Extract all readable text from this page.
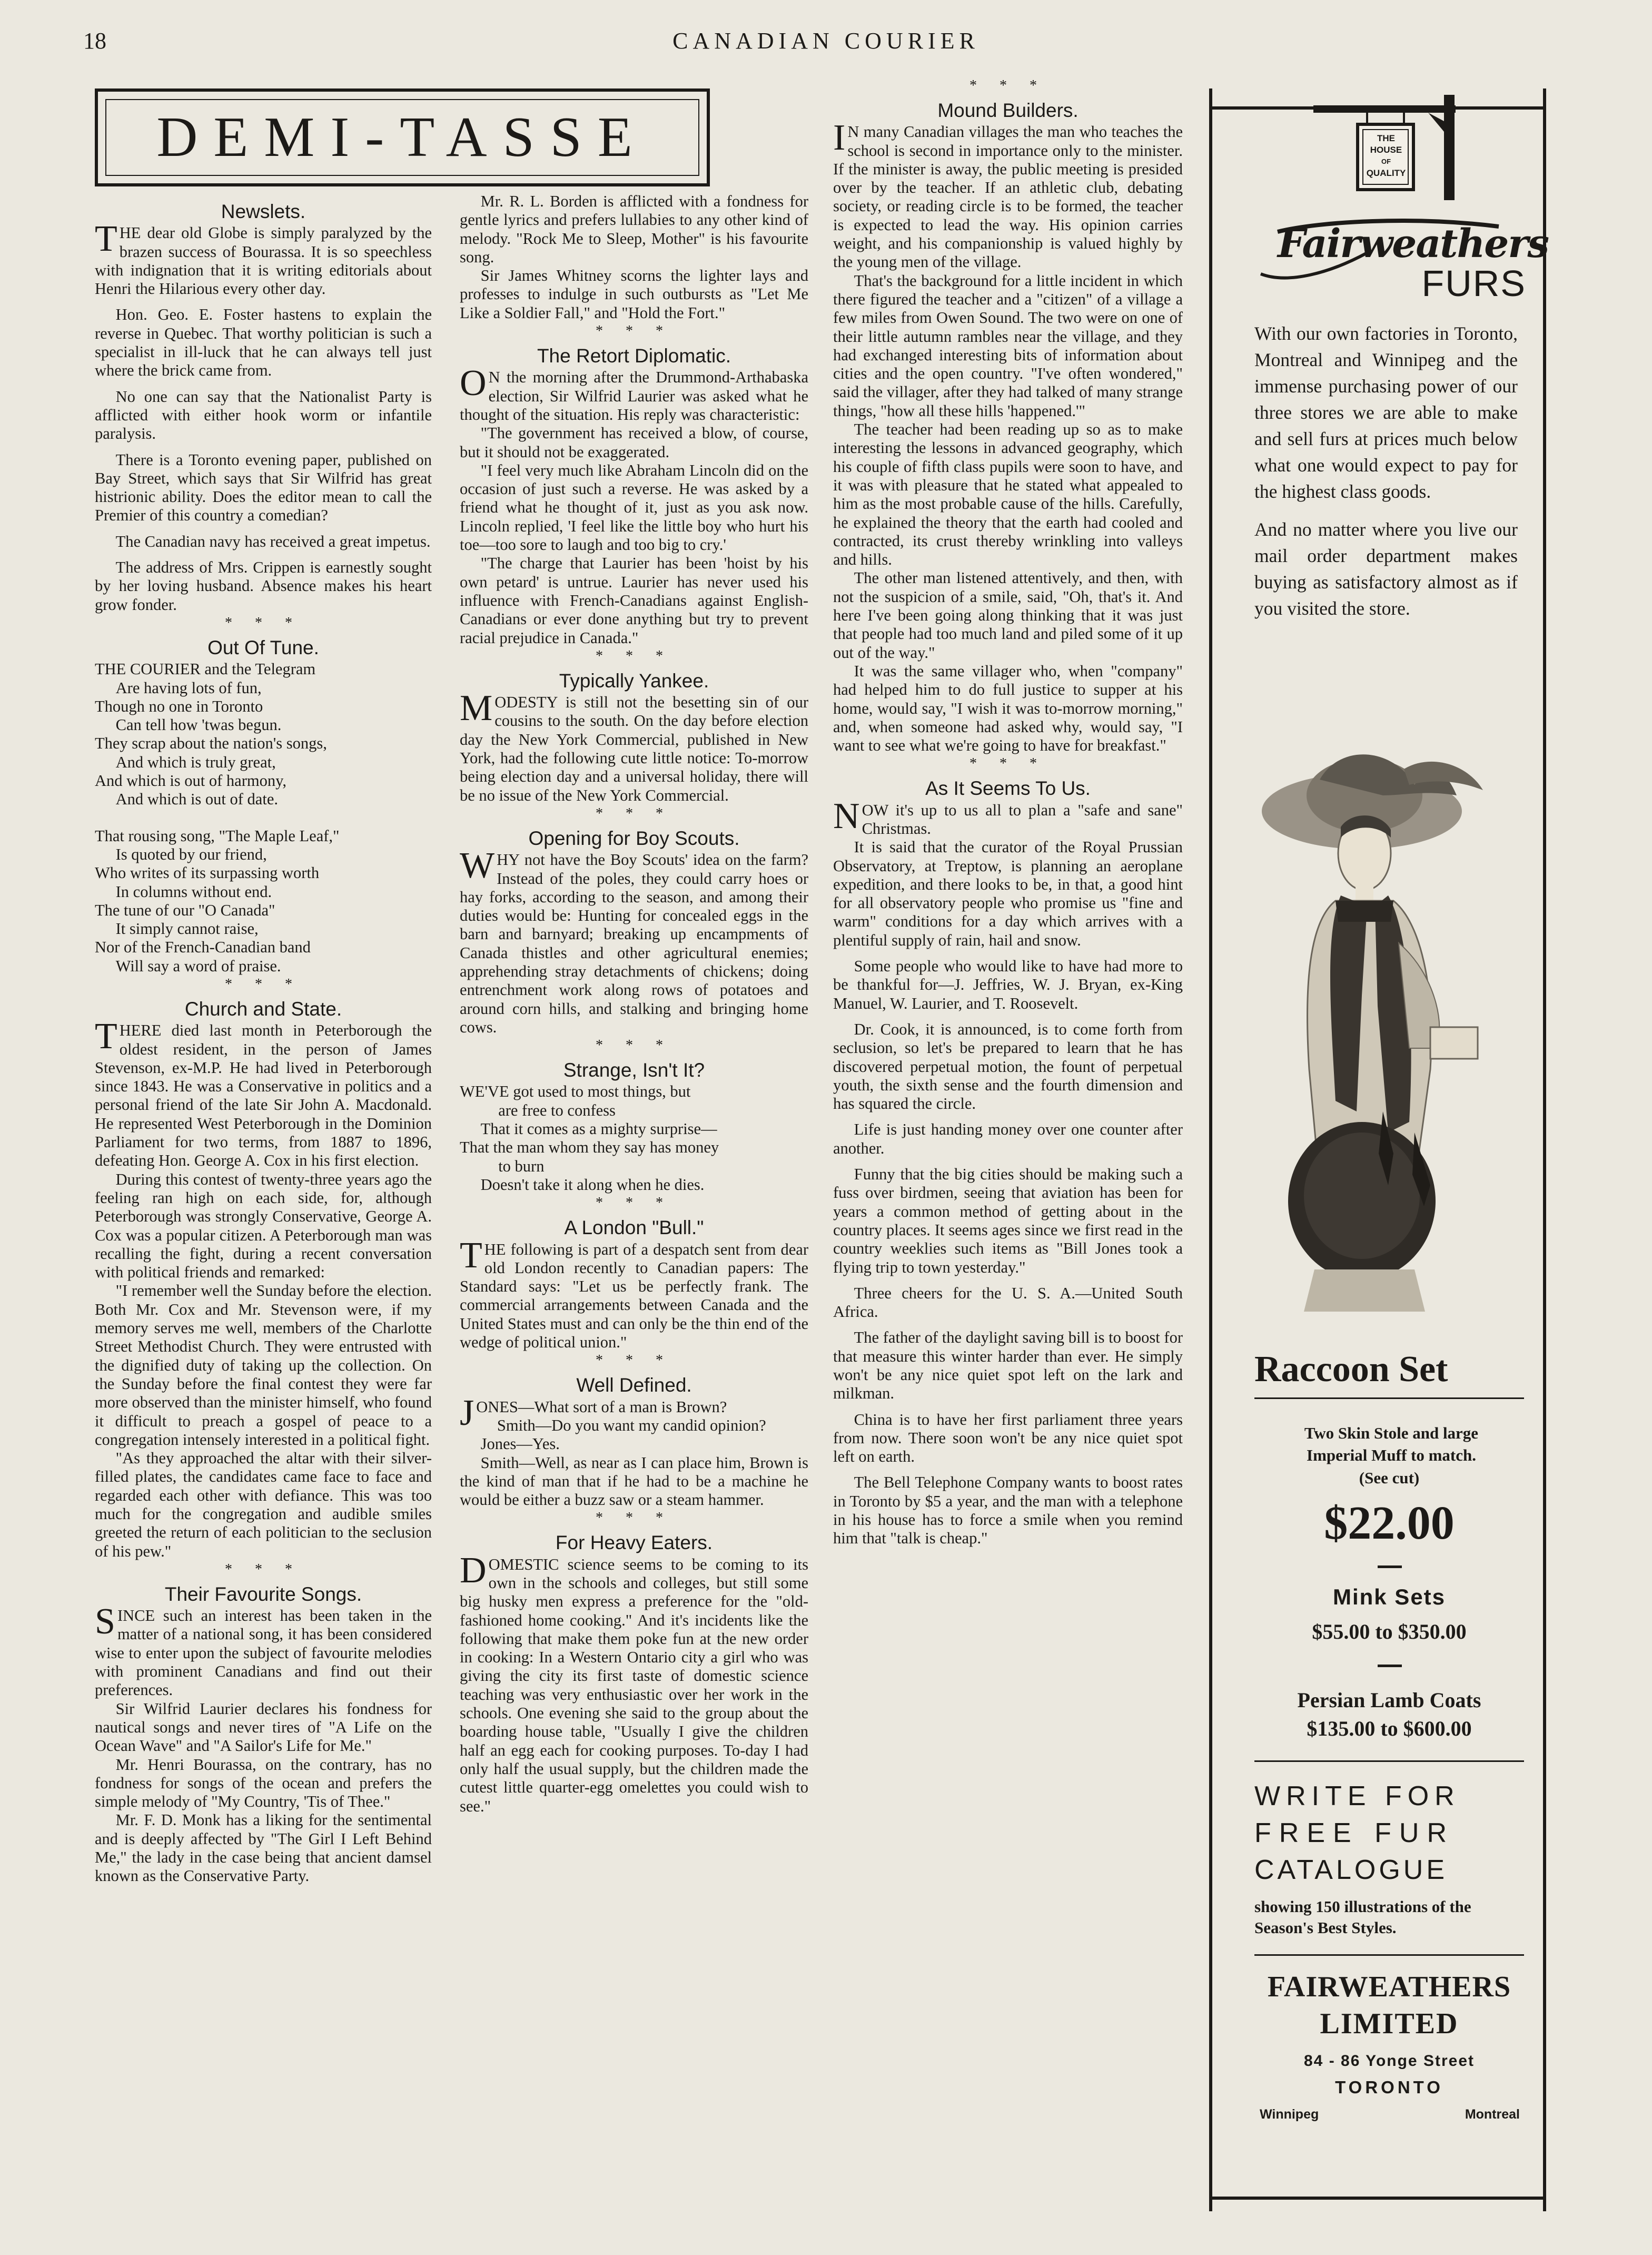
18	CANADIAN COURIER
DEMI-TASSE

Newslets.

THE dear old Globe is simply paralyzed by the brazen success of Bourassa. It is so speechless with indignation that it is writing editorials about Henri the Hilarious every other day.

Hon. Geo. E. Foster hastens to explain the reverse in Quebec. That worthy politician is such a specialist in ill-luck that he can always tell just where the brick came from.

No one can say that the Nationalist Party is afflicted with either hook worm or infantile paralysis.

There is a Toronto evening paper, published on Bay Street, which says that Sir Wilfrid has great histrionic ability. Does the editor mean to call the Premier of this country a comedian?

The Canadian navy has received a great impetus.

The address of Mrs. Crippen is earnestly sought by her loving husband. Absence makes his heart grow fonder.

* * *

Out Of Tune.

THE COURIER and the Telegram
Are having lots of fun,
Though no one in Toronto
Can tell how 'twas begun.
They scrap about the nation's songs,
And which is truly great,
And which is out of harmony,
And which is out of date.
That rousing song, "The Maple Leaf,"
Is quoted by our friend,
Who writes of its surpassing worth
In columns without end.
The tune of our "O Canada"
It simply cannot raise,
Nor of the French-Canadian band
Will say a word of praise.

* * *

Church and State.

THERE died last month in Peterborough the oldest resident, in the person of James Stevenson, ex-M.P. He had lived in Peterborough since 1843. He was a Conservative in politics and a personal friend of the late Sir John A. Macdonald. He represented West Peterborough in the Dominion Parliament for two terms, from 1887 to 1896, defeating Hon. George A. Cox in his first election.

During this contest of twenty-three years ago the feeling ran high on each side, for, although Peterborough was strongly Conservative, George A. Cox was a popular citizen. A Peterborough man was recalling the fight, during a recent conversation with political friends and remarked:

"I remember well the Sunday before the election. Both Mr. Cox and Mr. Stevenson were, if my memory serves me well, members of the Charlotte Street Methodist Church. They were entrusted with the dignified duty of taking up the collection. On the Sunday before the final contest they were far more observed than the minister himself, who found it difficult to preach a gospel of peace to a congregation intensely interested in a political fight.

"As they approached the altar with their silver-filled plates, the candidates came face to face and regarded each other with defiance. This was too much for the congregation and audible smiles greeted the return of each politician to the seclusion of his pew."

* * *

Their Favourite Songs.

SINCE such an interest has been taken in the matter of a national song, it has been considered wise to enter upon the subject of favourite melodies with prominent Canadians and find out their preferences.

Sir Wilfrid Laurier declares his fondness for nautical songs and never tires of "A Life on the Ocean Wave" and "A Sailor's Life for Me."

Mr. Henri Bourassa, on the contrary, has no fondness for songs of the ocean and prefers the simple melody of "My Country, 'Tis of Thee."

Mr. F. D. Monk has a liking for the sentimental and is deeply affected by "The Girl I Left Behind Me," the lady in the case being that ancient damsel known as the Conservative Party.

Mr. R. L. Borden is afflicted with a fondness for gentle lyrics and prefers lullabies to any other kind of melody. "Rock Me to Sleep, Mother" is his favourite song.

Sir James Whitney scorns the lighter lays and professes to indulge in such outbursts as "Let Me Like a Soldier Fall," and "Hold the Fort."

* * *

The Retort Diplomatic.

ON the morning after the Drummond-Arthabaska election, Sir Wilfrid Laurier was asked what he thought of the situation. His reply was characteristic:

"The government has received a blow, of course, but it should not be exaggerated.

"I feel very much like Abraham Lincoln did on the occasion of just such a reverse. He was asked by a friend what he thought of it, just as you ask now. Lincoln replied, 'I feel like the little boy who hurt his toe—too sore to laugh and too big to cry.'

"The charge that Laurier has been 'hoist by his own petard' is untrue. Laurier has never used his influence with French-Canadians against English-Canadians or ever done anything but try to prevent racial prejudice in Canada."

* * *

Typically Yankee.

MODESTY is still not the besetting sin of our cousins to the south. On the day before election day the New York Commercial, published in New York, had the following cute little notice: To-morrow being election day and a universal holiday, there will be no issue of the New York Commercial.

* * *

Opening for Boy Scouts.

WHY not have the Boy Scouts' idea on the farm? Instead of the poles, they could carry hoes or hay forks, according to the season, and among their duties would be: Hunting for concealed eggs in the barn and barnyard; breaking up encampments of Canada thistles and other agricultural enemies; apprehending stray detachments of chickens; doing entrenchment work along rows of potatoes and around corn hills, and stalking and bringing home cows.

* * *

Strange, Isn't It?

WE'VE got used to most things, but
are free to confess
That it comes as a mighty surprise—
That the man whom they say has money
to burn
Doesn't take it along when he dies.

* * *

A London "Bull."

THE following is part of a despatch sent from dear old London recently to Canadian papers: The Standard says: "Let us be perfectly frank. The commercial arrangements between Canada and the United States must and can only be the thin end of the wedge of political union."

* * *

Well Defined.

JONES—What sort of a man is Brown?

Smith—Do you want my candid opinion?

Jones—Yes.

Smith—Well, as near as I can place him, Brown is the kind of man that if he had to be a machine he would be either a buzz saw or a steam hammer.

* * *

For Heavy Eaters.

DOMESTIC science seems to be coming to its own in the schools and colleges, but still some big husky men express a preference for the "old-fashioned home cooking." And it's incidents like the following that make them poke fun at the new order in cooking: In a Western Ontario city a girl who was giving the city its first taste of domestic science teaching was very enthusiastic over her work in the schools. One evening she said to the group about the boarding house table, "Usually I give the children half an egg each for cooking purposes. To-day I had only half the usual supply, but the children made the cutest little quarter-egg omelettes you could wish to see."

* * *

Mound Builders.

IN many Canadian villages the man who teaches the school is second in importance only to the minister. If the minister is away, the public meeting is presided over by the teacher. If an athletic club, debating society, or reading circle is to be formed, the teacher is expected to lead the way. His opinion carries weight, and his companionship is valued highly by the young men of the village.

That's the background for a little incident in which there figured the teacher and a "citizen" of a village a few miles from Owen Sound. The two were on one of their little autumn rambles near the village, and they had exchanged interesting bits of information about cities and the open country. "I've often wondered," said the villager, after they had talked of many strange things, "how all these hills 'happened.'"

The teacher had been reading up so as to make interesting the lessons in advanced geography, which his couple of fifth class pupils were soon to have, and it was with pleasure that he stated what appealed to him as the most probable cause of the hills. Carefully, he explained the theory that the earth had cooled and contracted, its crust thereby wrinkling into valleys and hills.

The other man listened attentively, and then, with not the suspicion of a smile, said, "Oh, that's it. And here I've been going along thinking that it was just that people had too much land and piled some of it up out of the way."

It was the same villager who, when "company" had helped him to do full justice to supper at his home, would say, "I wish it was to-morrow morning," and, when someone had asked why, would say, "I want to see what we're going to have for breakfast."

* * *

As It Seems To Us.

NOW it's up to us all to plan a "safe and sane" Christmas.

It is said that the curator of the Royal Prussian Observatory, at Treptow, is planning an aeroplane expedition, and there looks to be, in that, a good hint for all observatory people who promise us "fine and warm" conditions for a day which arrives with a plentiful supply of rain, hail and snow.

Some people who would like to have had more to be thankful for—J. Jeffries, W. J. Bryan, ex-King Manuel, W. Laurier, and T. Roosevelt.

Dr. Cook, it is announced, is to come forth from seclusion, so let's be prepared to learn that he has discovered perpetual motion, the fount of perpetual youth, the sixth sense and the fourth dimension and has squared the circle.

Life is just handing money over one counter after another.

Funny that the big cities should be making such a fuss over birdmen, seeing that aviation has been for years a common method of getting about in the country places. It seems ages since we first read in the country weeklies such items as "Bill Jones took a flying trip to town yesterday."

Three cheers for the U. S. A.—United South Africa.

The father of the daylight saving bill is to boost for that measure this winter harder than ever. He simply won't be any nice quiet spot left on the lark and milkman.

China is to have her first parliament three years from now. There soon won't be any nice quiet spot left on earth.

The Bell Telephone Company wants to boost rates in Toronto by $5 a year, and the man with a telephone in his house has to force a smile when you remind him that "talk is cheap."

THE
HOUSE
OF
QUALITY
Fairweathers
FURS

With our own factories in Toronto, Montreal and Winnipeg and the immense purchasing power of our three stores we are able to make and sell furs at prices much below what one would expect to pay for the highest class goods.

And no matter where you live our mail order department makes buying as satisfactory almost as if you visited the store.

Raccoon Set
Two Skin Stole and large Imperial Muff to match.
(See cut)
$22.00
Mink Sets
$55.00 to $350.00
Persian Lamb Coats
$135.00 to $600.00
WRITE FOR
FREE FUR
CATALOGUE
showing 150 illustrations of the Season's Best Styles.
FAIRWEATHERS
LIMITED
84 - 86 Yonge Street
TORONTO
Winnipeg	Montreal
